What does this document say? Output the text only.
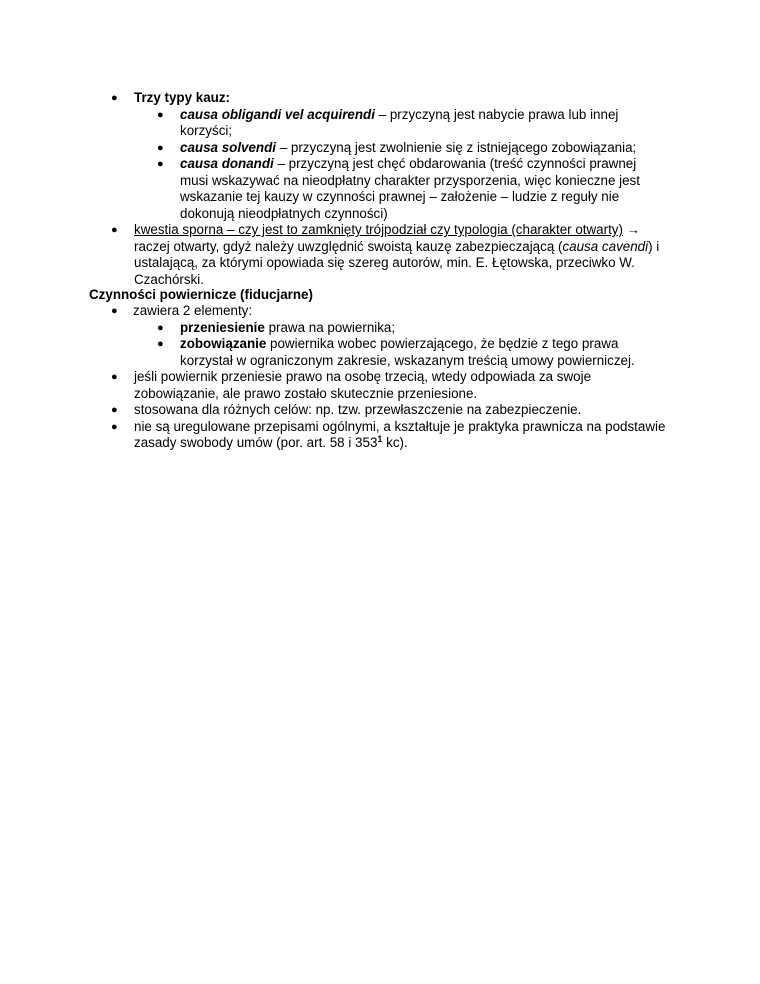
● Trzy typy kauz:
● causa obligandi vel acquirendi – przyczyną jest nabycie prawa lub innej korzyści;
● causa solvendi – przyczyną jest zwolnienie się z istniejącego zobowiązania;
● causa donandi – przyczyną jest chęć obdarowania (treść czynności prawnej musi wskazywać na nieodpłatny charakter przysporzenia, więc konieczne jest wskazanie tej kauzy w czynności prawnej – założenie – ludzie z reguły nie dokonują nieodpłatnych czynności)
● kwestia sporna – czy jest to zamknięty trójpodział czy typologia (charakter otwarty) → raczej otwarty, gdyż należy uwzględnić swoistą kauzę zabezpieczającą (causa cavendi) i ustalającą, za którymi opowiada się szereg autorów, min. E. Łętowska, przeciwko W. Czachórski.
Czynności powiernicze (fiducjarne)
● zawiera 2 elementy:
● przeniesienie prawa na powiernika;
● zobowiązanie powiernika wobec powierzającego, że będzie z tego prawa korzystał w ograniczonym zakresie, wskazanym treścią umowy powierniczej.
● jeśli powiernik przeniesie prawo na osobę trzecią, wtedy odpowiada za swoje zobowiązanie, ale prawo zostało skutecznie przeniesione.
● stosowana dla różnych celów: np. tzw. przewłaszczenie na zabezpieczenie.
● nie są uregulowane przepisami ogólnymi, a kształtuje je praktyka prawnicza na podstawie zasady swobody umów (por. art. 58 i $353^1$ kc).
